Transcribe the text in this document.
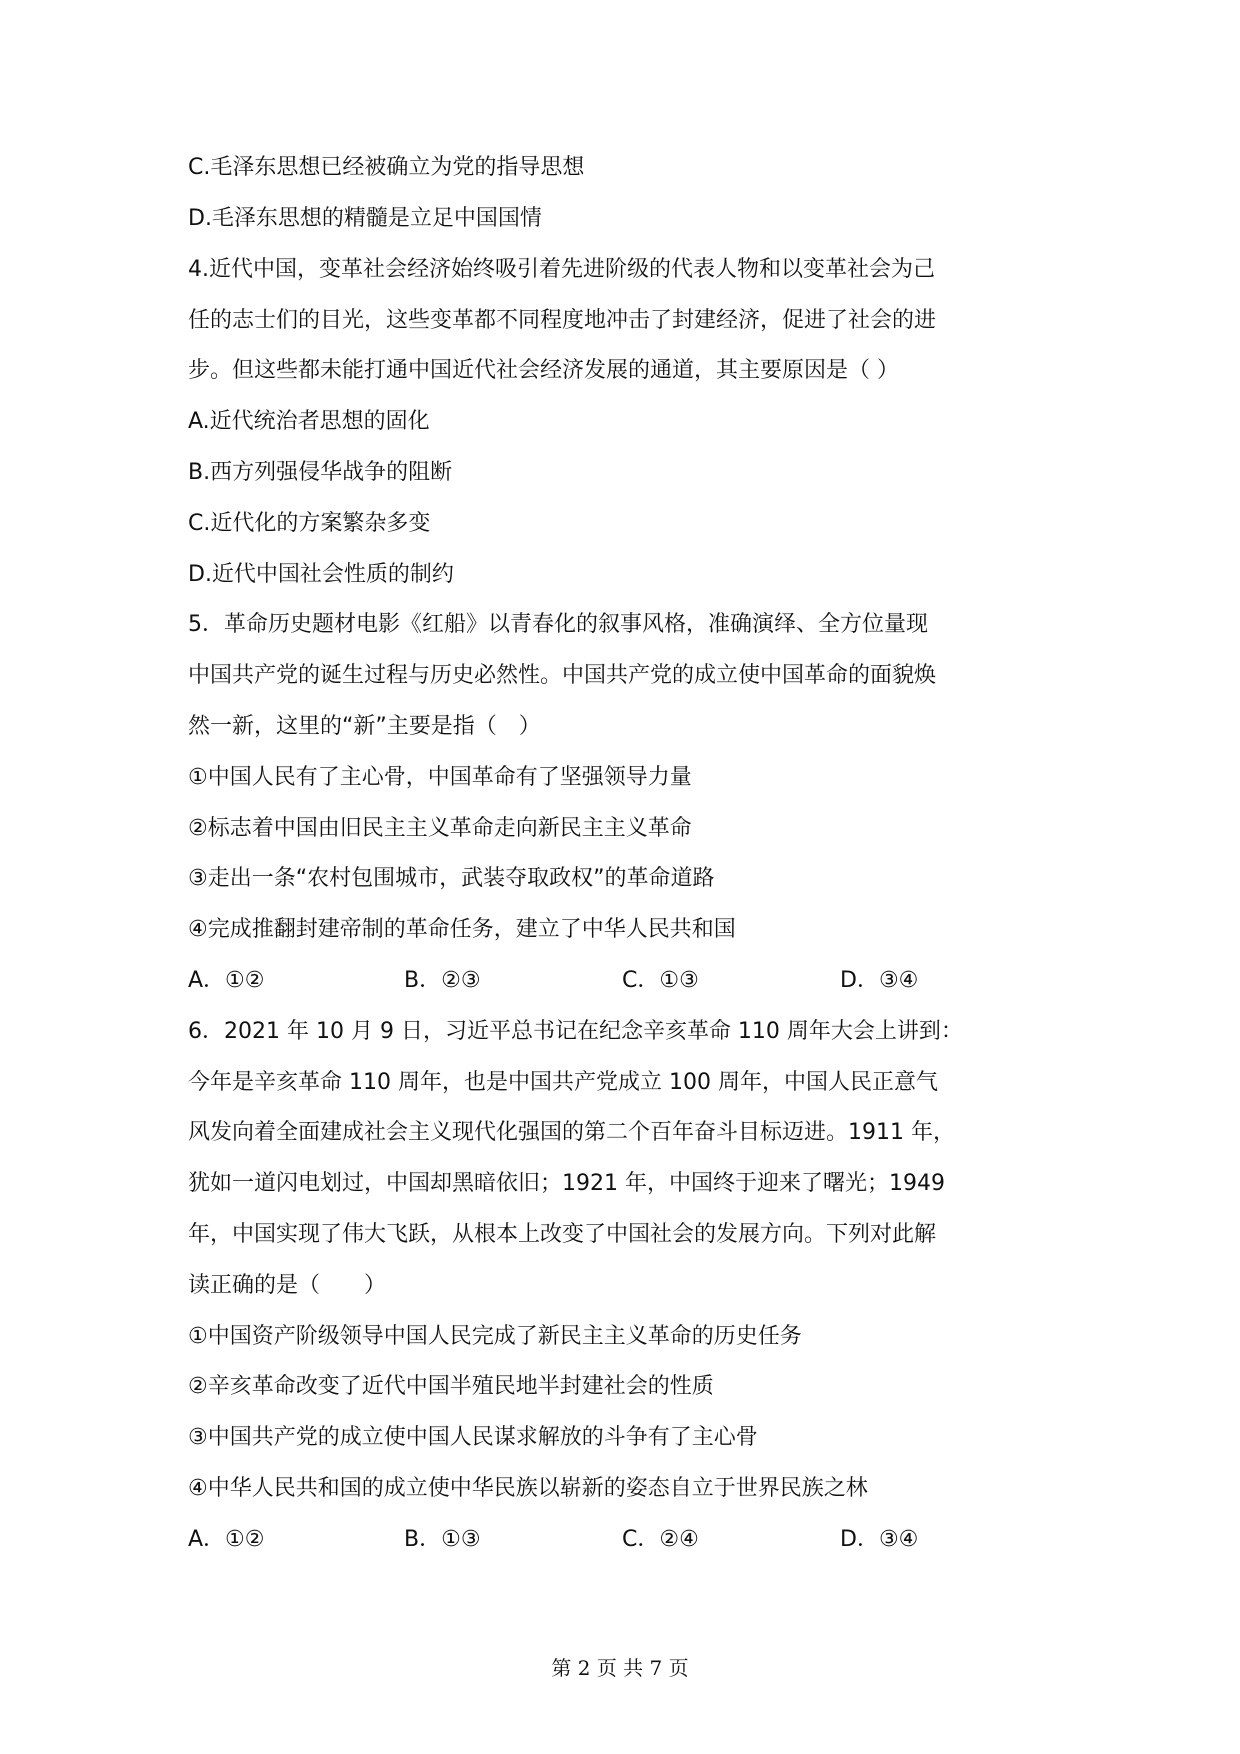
C.毛泽东思想已经被确立为党的指导思想
D.毛泽东思想的精髓是立足中国国情
4.近代中国，变革社会经济始终吸引着先进阶级的代表人物和以变革社会为己
任的志士们的目光，这些变革都不同程度地冲击了封建经济，促进了社会的进
步。但这些都未能打通中国近代社会经济发展的通道，其主要原因是（ ）
A.近代统治者思想的固化
B.西方列强侵华战争的阻断
C.近代化的方案繁杂多变
D.近代中国社会性质的制约
5．革命历史题材电影《红船》以青春化的叙事风格，准确演绎、全方位量现
中国共产党的诞生过程与历史必然性。中国共产党的成立使中国革命的面貌焕
然一新，这里的“新”主要是指（　）
①中国人民有了主心骨，中国革命有了坚强领导力量
②标志着中国由旧民主主义革命走向新民主主义革命
③走出一条“农村包围城市，武装夺取政权”的革命道路
④完成推翻封建帝制的革命任务，建立了中华人民共和国
A．①②	B．②③	C．①③	D．③④
6．2021 年 10 月 9 日，习近平总书记在纪念辛亥革命 110 周年大会上讲到：
今年是辛亥革命 110 周年，也是中国共产党成立 100 周年，中国人民正意气
风发向着全面建成社会主义现代化强国的第二个百年奋斗目标迈进。1911 年，
犹如一道闪电划过，中国却黑暗依旧；1921 年，中国终于迎来了曙光；1949
年，中国实现了伟大飞跃，从根本上改变了中国社会的发展方向。下列对此解
读正确的是（　　）
①中国资产阶级领导中国人民完成了新民主主义革命的历史任务
②辛亥革命改变了近代中国半殖民地半封建社会的性质
③中国共产党的成立使中国人民谋求解放的斗争有了主心骨
④中华人民共和国的成立使中华民族以崭新的姿态自立于世界民族之林
A．①②	B．①③	C．②④	D．③④
第 2 页 共 7 页
